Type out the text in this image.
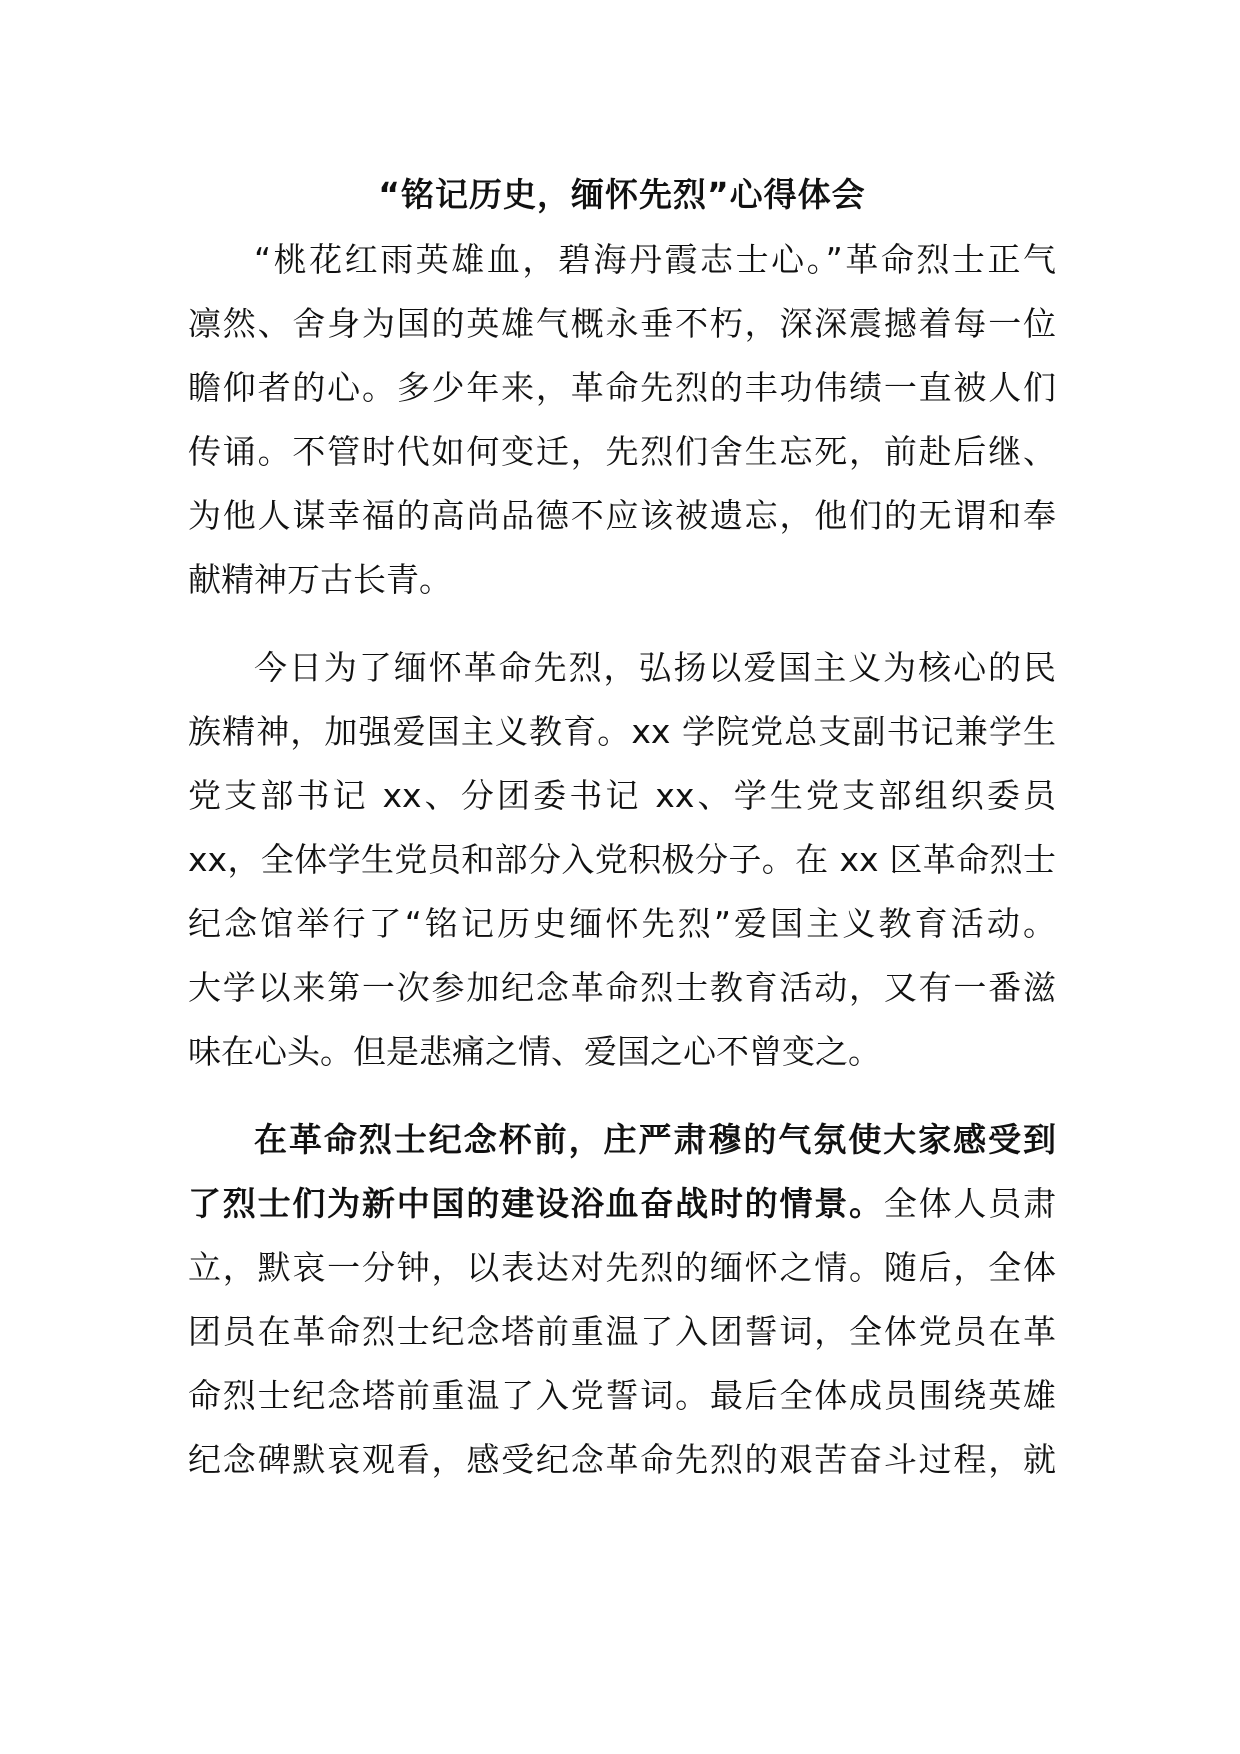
“铭记历史，缅怀先烈”心得体会

“桃花红雨英雄血，碧海丹霞志士心。”革命烈士正气
凛然、舍身为国的英雄气概永垂不朽，深深震撼着每一位
瞻仰者的心。多少年来，革命先烈的丰功伟绩一直被人们
传诵。不管时代如何变迁，先烈们舍生忘死，前赴后继、
为他人谋幸福的高尚品德不应该被遗忘，他们的无谓和奉
献精神万古长青。

今日为了缅怀革命先烈，弘扬以爱国主义为核心的民
族精神，加强爱国主义教育。xx 学院党总支副书记兼学生
党支部书记 xx、分团委书记 xx、学生党支部组织委员
xx，全体学生党员和部分入党积极分子。在 xx 区革命烈士
纪念馆举行了“铭记历史缅怀先烈”爱国主义教育活动。
大学以来第一次参加纪念革命烈士教育活动，又有一番滋
味在心头。但是悲痛之情、爱国之心不曾变之。

在革命烈士纪念杯前，庄严肃穆的气氛使大家感受到
了烈士们为新中国的建设浴血奋战时的情景。全体人员肃
立，默哀一分钟，以表达对先烈的缅怀之情。随后，全体
团员在革命烈士纪念塔前重温了入团誓词，全体党员在革
命烈士纪念塔前重温了入党誓词。最后全体成员围绕英雄
纪念碑默哀观看，感受纪念革命先烈的艰苦奋斗过程，就
